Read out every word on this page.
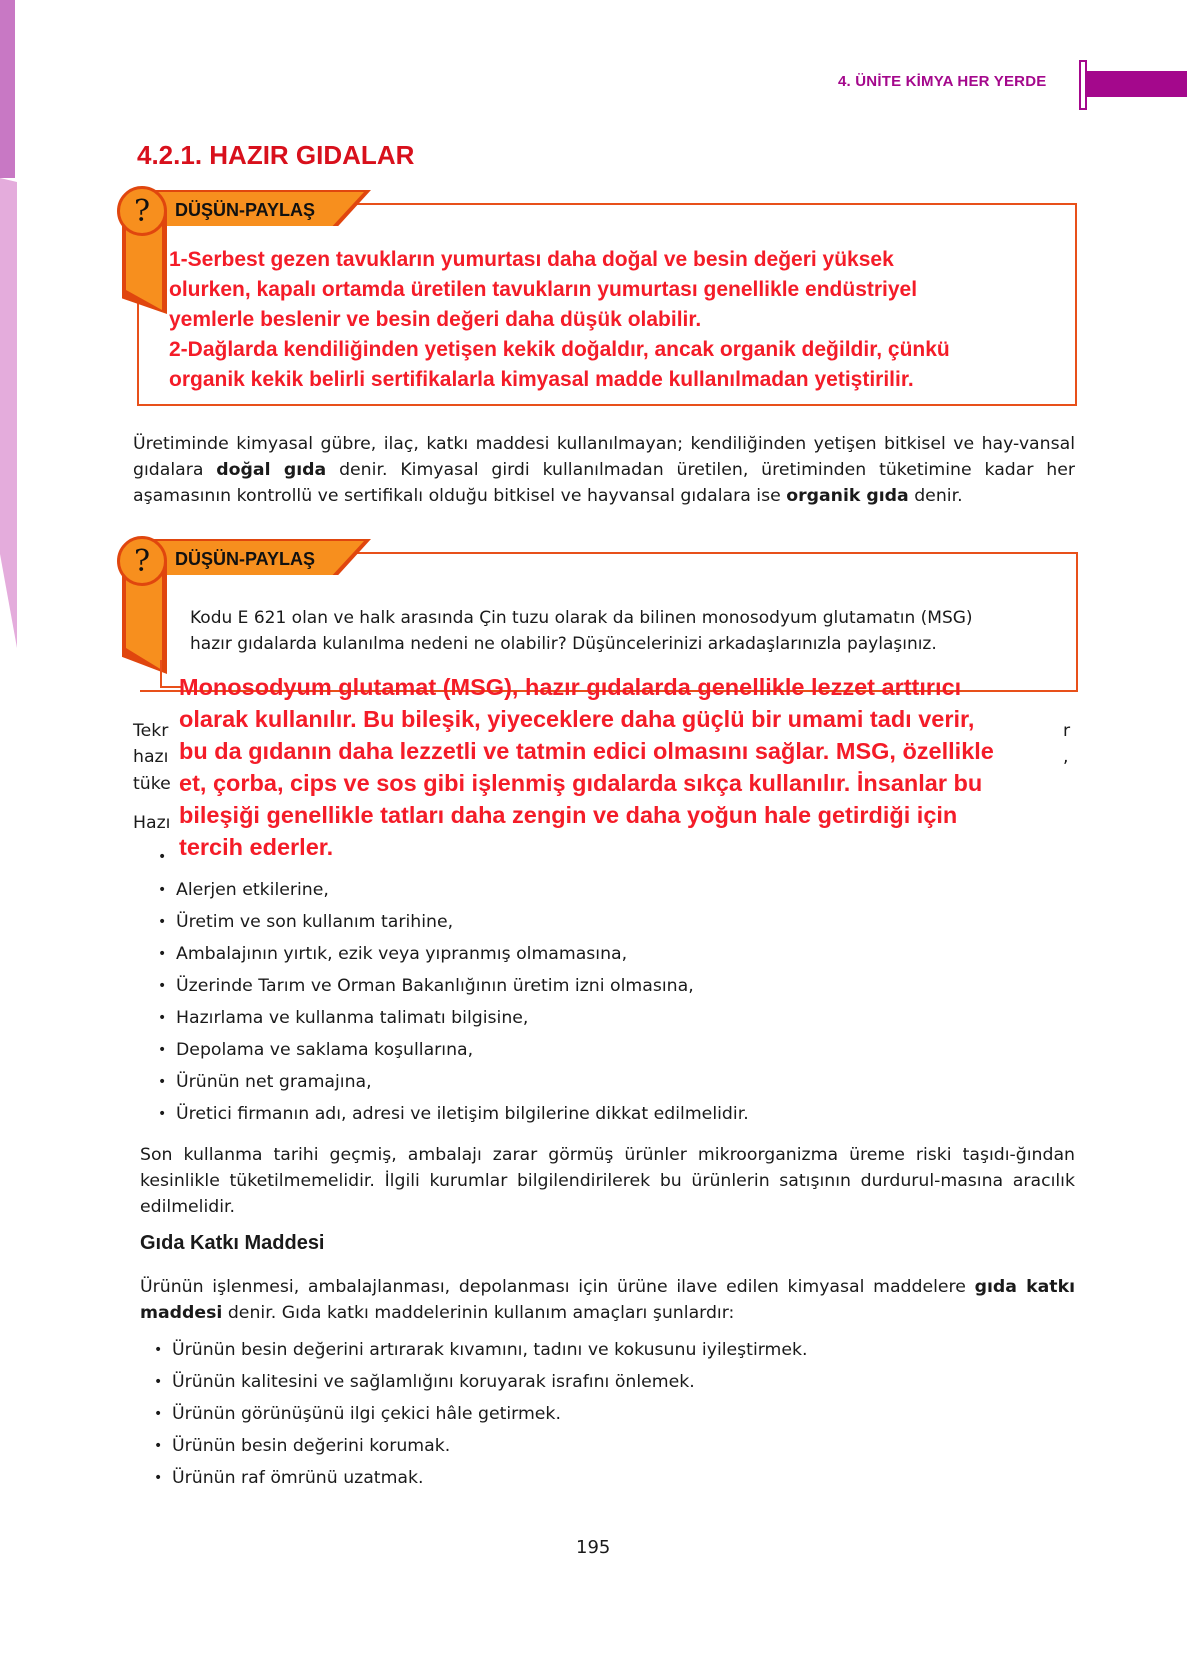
4. ÜNİTE KİMYA HER YERDE
4.2.1. HAZIR GIDALAR
?	DÜŞÜN-PAYLAŞ
1-Serbest gezen tavukların yumurtası daha doğal ve besin değeri yüksek
olurken, kapalı ortamda üretilen tavukların yumurtası genellikle endüstriyel
yemlerle beslenir ve besin değeri daha düşük olabilir.
2-Dağlarda kendiliğinden yetişen kekik doğaldır, ancak organik değildir, çünkü
organik kekik belirli sertifikalarla kimyasal madde kullanılmadan yetiştirilir.
Üretiminde kimyasal gübre, ilaç, katkı maddesi kullanılmayan; kendiliğinden yetişen bitkisel ve hay-vansal gıdalara doğal gıda denir. Kimyasal girdi kullanılmadan üretilen, üretiminden tüketimine kadar her aşamasının kontrollü ve sertifikalı olduğu bitkisel ve hayvansal gıdalara ise organik gıda denir.
?	DÜŞÜN-PAYLAŞ
Kodu E 621 olan ve halk arasında Çin tuzu olarak da bilinen monosodyum glutamatın (MSG)
hazır gıdalarda kulanılma nedeni ne olabilir? Düşüncelerinizi arkadaşlarınızla paylaşınız.
Tekr
hazı
tüke
Hazı
r
,
Monosodyum glutamat (MSG), hazır gıdalarda genellikle lezzet arttırıcı
olarak kullanılır. Bu bileşik, yiyeceklere daha güçlü bir umami tadı verir,
bu da gıdanın daha lezzetli ve tatmin edici olmasını sağlar. MSG, özellikle
et, çorba, cips ve sos gibi işlenmiş gıdalarda sıkça kullanılır. İnsanlar bu
bileşiği genellikle tatları daha zengin ve daha yoğun hale getirdiği için
tercih ederler.
•
• Alerjen etkilerine,
• Üretim ve son kullanım tarihine,
• Ambalajının yırtık, ezik veya yıpranmış olmamasına,
• Üzerinde Tarım ve Orman Bakanlığının üretim izni olmasına,
• Hazırlama ve kullanma talimatı bilgisine,
• Depolama ve saklama koşullarına,
• Ürünün net gramajına,
• Üretici firmanın adı, adresi ve iletişim bilgilerine dikkat edilmelidir.
Son kullanma tarihi geçmiş, ambalajı zarar görmüş ürünler mikroorganizma üreme riski taşıdı-ğından kesinlikle tüketilmemelidir. İlgili kurumlar bilgilendirilerek bu ürünlerin satışının durdurul-masına aracılık edilmelidir.
Gıda Katkı Maddesi
Ürünün işlenmesi, ambalajlanması, depolanması için ürüne ilave edilen kimyasal maddelere gıda katkı maddesi denir. Gıda katkı maddelerinin kullanım amaçları şunlardır:
• Ürünün besin değerini artırarak kıvamını, tadını ve kokusunu iyileştirmek.
• Ürünün kalitesini ve sağlamlığını koruyarak israfını önlemek.
• Ürünün görünüşünü ilgi çekici hâle getirmek.
• Ürünün besin değerini korumak.
• Ürünün raf ömrünü uzatmak.
195
